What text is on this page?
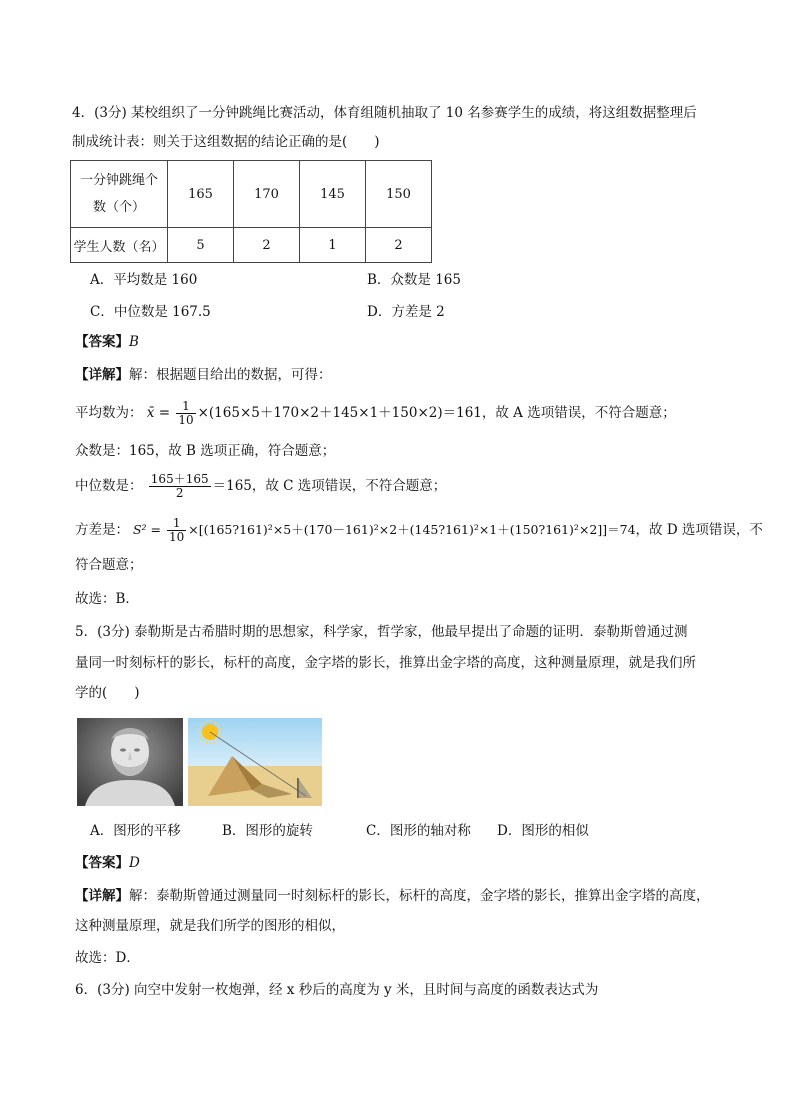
4．(3分) 某校组织了一分钟跳绳比赛活动，体育组随机抽取了 10 名参赛学生的成绩，将这组数据整理后
制成统计表：则关于这组数据的结论正确的是(　　)
一分钟跳绳个
数（个）	165	170	145	150
学生人数（名）	5	2	1	2
A．平均数是 160	B．众数是 165
C．中位数是 167.5	D．方差是 2
【答案】B
【详解】解：根据题目给出的数据，可得：
平均数为： x̄ = $\frac{1}{10} \times(165\times 5+170\times 2+145\times 1+150\times 2)=161$，故 A 选项错误，不符合题意；
众数是：165，故 B 选项正确，符合题意；
中位数是： $\frac{165+165}{2} =165$，故 C 选项错误，不符合题意；
方差是： $S^2 = \frac{1}{10}$ ×[(165?161)²×5＋(170－161)²×2＋(145?161)²×1＋(150?161)²×2]]＝74，故 D 选项错误，不
符合题意；
故选：B．
5．(3分) 泰勒斯是古希腊时期的思想家，科学家，哲学家，他最早提出了命题的证明．泰勒斯曾通过测
量同一时刻标杆的影长，标杆的高度，金字塔的影长，推算出金字塔的高度，这种测量原理，就是我们所
学的(　　)
A．图形的平移	B．图形的旋转	C．图形的轴对称 D．图形的相似
【答案】D
【详解】解：泰勒斯曾通过测量同一时刻标杆的影长，标杆的高度，金字塔的影长，推算出金字塔的高度，
这种测量原理，就是我们所学的图形的相似，
故选：D．
6．(3分) 向空中发射一枚炮弹，经 x 秒后的高度为 y 米，且时间与高度的函数表达式为
